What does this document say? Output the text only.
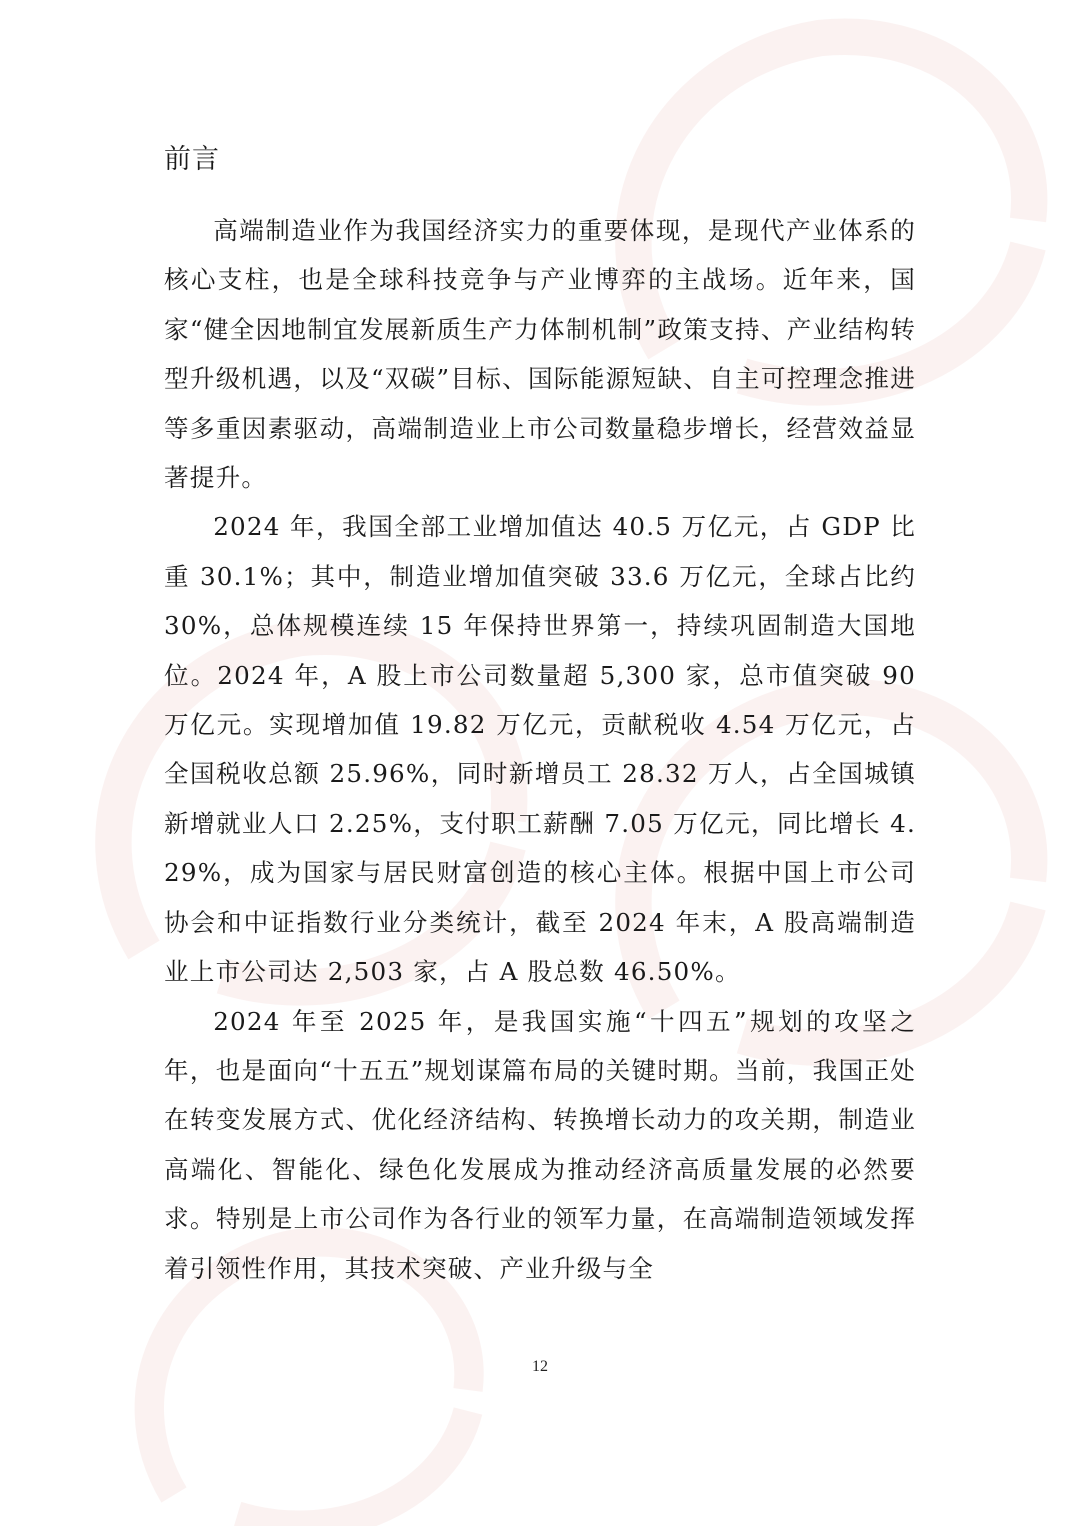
前言

高端制造业作为我国经济实力的重要体现，是现代产业体系的核心支柱，也是全球科技竞争与产业博弈的主战场。近年来，国家“健全因地制宜发展新质生产力体制机制”政策支持、产业结构转型升级机遇，以及“双碳”目标、国际能源短缺、自主可控理念推进等多重因素驱动，高端制造业上市公司数量稳步增长，经营效益显著提升。

2024 年，我国全部工业增加值达 40.5 万亿元，占 GDP 比重 30.1%；其中，制造业增加值突破 33.6 万亿元，全球占比约 30%，总体规模连续 15 年保持世界第一，持续巩固制造大国地位。2024 年，A 股上市公司数量超 5,300 家，总市值突破 90 万亿元。实现增加值 19.82 万亿元，贡献税收 4.54 万亿元，占全国税收总额 25.96%，同时新增员工 28.32 万人，占全国城镇新增就业人口 2.25%，支付职工薪酬 7.05 万亿元，同比增长 4.29%，成为国家与居民财富创造的核心主体。根据中国上市公司协会和中证指数行业分类统计，截至 2024 年末，A 股高端制造业上市公司达 2,503 家，占 A 股总数 46.50%。

2024 年至 2025 年，是我国实施“十四五”规划的攻坚之年，也是面向“十五五”规划谋篇布局的关键时期。当前，我国正处在转变发展方式、优化经济结构、转换增长动力的攻关期，制造业高端化、智能化、绿色化发展成为推动经济高质量发展的必然要求。特别是上市公司作为各行业的领军力量，在高端制造领域发挥着引领性作用，其技术突破、产业升级与全

12
